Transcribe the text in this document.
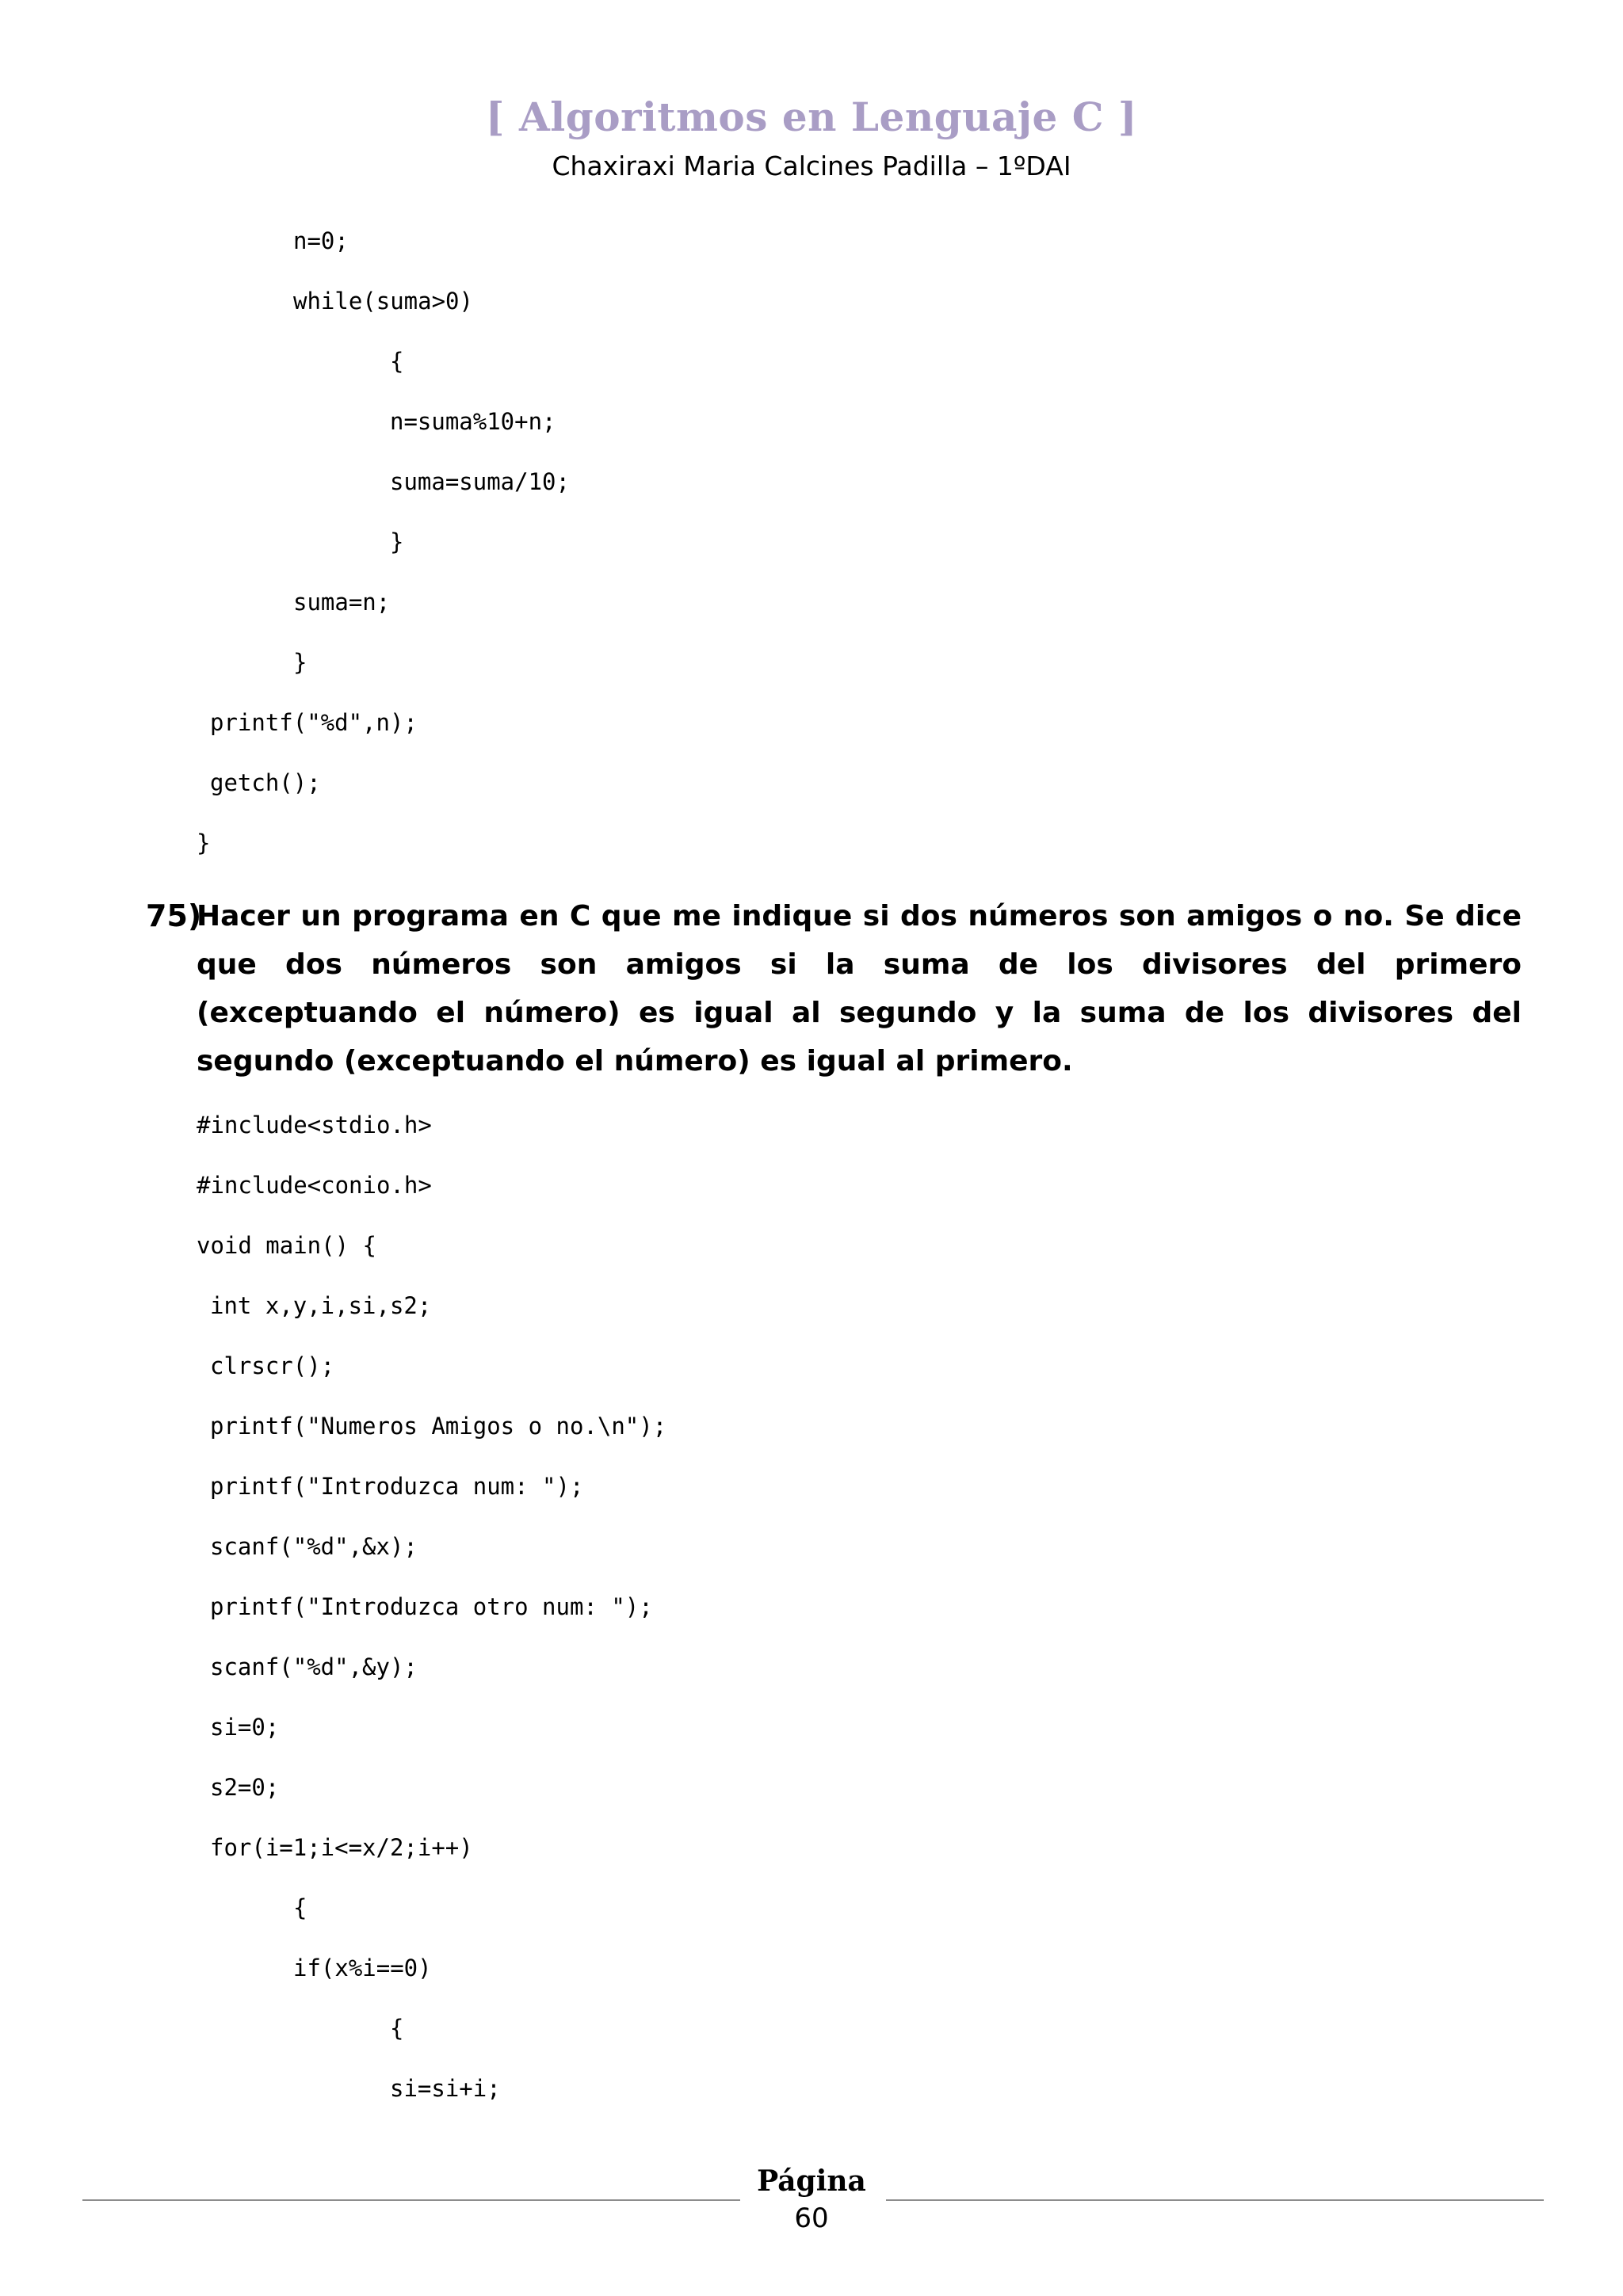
[ Algoritmos en Lenguaje C ]
Chaxiraxi Maria Calcines Padilla – 1ºDAI
n=0;
while(suma>0)
{
n=suma%10+n;
suma=suma/10;
}
suma=n;
}
printf("%d",n);
getch();
}
75)
Hacer un programa en C que me indique si dos números son amigos o no. Se dice que dos números son amigos si la suma de los divisores del primero (exceptuando el número) es igual al segundo y la suma de los divisores del segundo (exceptuando el número) es igual al primero.
#include<stdio.h>
#include<conio.h>
void main() {
int x,y,i,si,s2;
clrscr();
printf("Numeros Amigos o no.\n");
printf("Introduzca num: ");
scanf("%d",&x);
printf("Introduzca otro num: ");
scanf("%d",&y);
si=0;
s2=0;
for(i=1;i<=x/2;i++)
{
if(x%i==0)
{
si=si+i;
Página
60
